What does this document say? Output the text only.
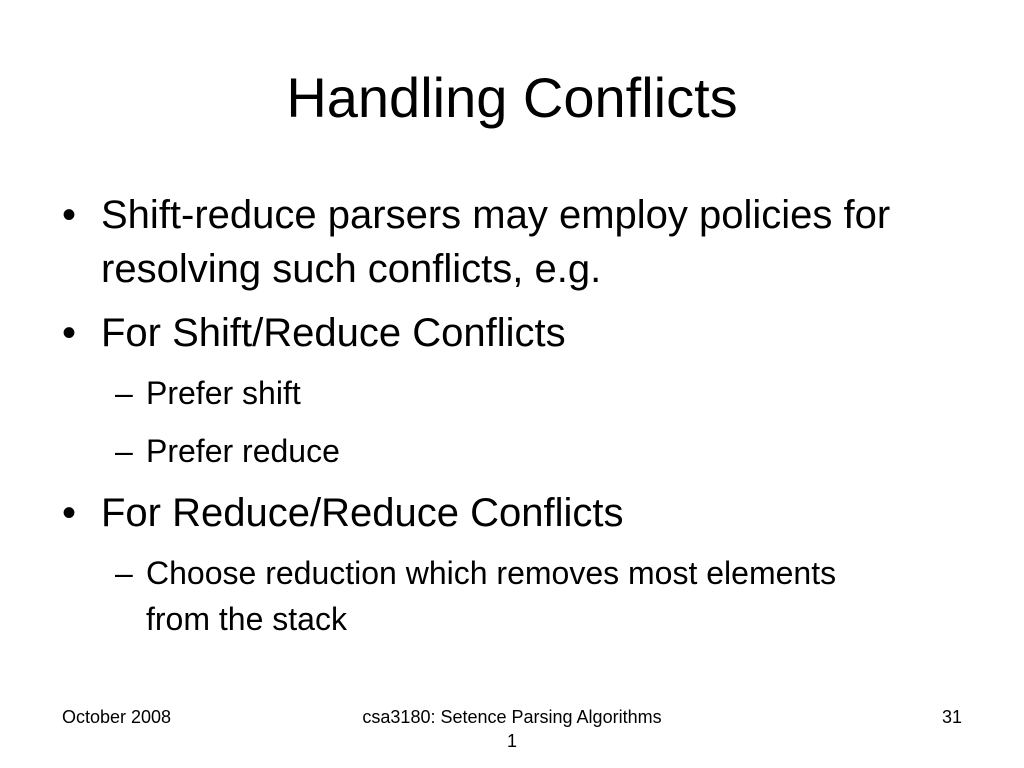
Handling Conflicts
• Shift-reduce parsers may employ policies for resolving such conflicts, e.g.
• For Shift/Reduce Conflicts
– Prefer shift
– Prefer reduce
• For Reduce/Reduce Conflicts
– Choose reduction which removes most elements from the stack
October 2008	csa3180: Setence Parsing Algorithms 1
31
